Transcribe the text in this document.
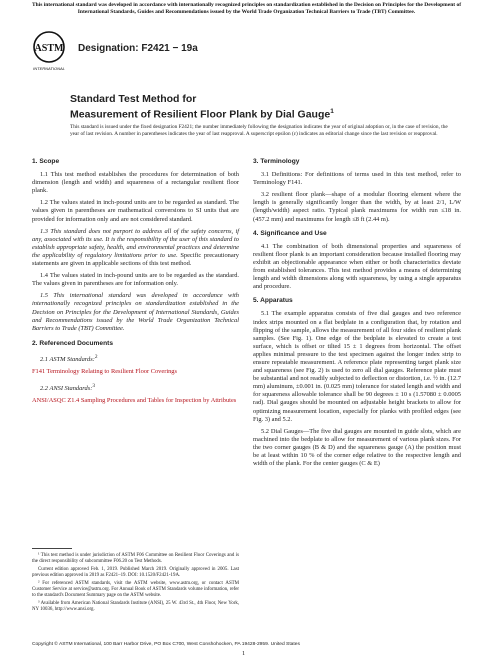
This international standard was developed in accordance with internationally recognized principles on standardization established in the Decision on Principles for the Development of International Standards, Guides and Recommendations issued by the World Trade Organization Technical Barriers to Trade (TBT) Committee.
ASTM
INTERNATIONAL
Designation: F2421 − 19a
Standard Test Method for
Measurement of Resilient Floor Plank by Dial Gauge$^1$
This standard is issued under the fixed designation F2421; the number immediately following the designation indicates the year of original adoption or, in the case of revision, the year of last revision. A number in parentheses indicates the year of last reapproval. A superscript epsilon (ε) indicates an editorial change since the last revision or reapproval.
1. Scope

1.1 This test method establishes the procedures for determination of both dimension (length and width) and squareness of a rectangular resilient floor plank.

1.2 The values stated in inch-pound units are to be regarded as standard. The values given in parentheses are mathematical conversions to SI units that are provided for information only and are not considered standard.

1.3 This standard does not purport to address all of the safety concerns, if any, associated with its use. It is the responsibility of the user of this standard to establish appropriate safety, health, and environmental practices and determine the applicability of regulatory limitations prior to use. Specific precautionary statements are given in applicable sections of this test method.

1.4 The values stated in inch-pound units are to be regarded as the standard. The values given in parentheses are for information only.

1.5 This international standard was developed in accordance with internationally recognized principles on standardization established in the Decision on Principles for the Development of International Standards, Guides and Recommendations issued by the World Trade Organization Technical Barriers to Trade (TBT) Committee.

2. Referenced Documents

2.1 ASTM Standards:$^2$

F141 Terminology Relating to Resilient Floor Coverings

2.2 ANSI Standards:$^3$

ANSI/ASQC Z1.4 Sampling Procedures and Tables for Inspection by Attributes

¹ This test method is under jurisdiction of ASTM F06 Committee on Resilient Floor Coverings and is the direct responsibility of subcommittee F06.20 on Test Methods.

Current edition approved Feb. 1, 2019. Published March 2019. Originally approved in 2005. Last previous edition approved in 2019 as F2421–19. DOI: 10.1520/F2421-19A.

² For referenced ASTM standards, visit the ASTM website, www.astm.org, or contact ASTM Customer Service at service@astm.org. For Annual Book of ASTM Standards volume information, refer to the standard's Document Summary page on the ASTM website.

³ Available from American National Standards Institute (ANSI), 25 W. 43rd St., 4th Floor, New York, NY 10036, http://www.ansi.org.

3. Terminology

3.1 Definitions: For definitions of terms used in this test method, refer to Terminology F141.

3.2 resilient floor plank—shape of a modular flooring element where the length is generally significantly longer than the width, by at least 2/1, L/W (length/width) aspect ratio. Typical plank maximums for width run ≤18 in. (457.2 mm) and maximums for length ≤8 ft (2.44 m).

4. Significance and Use

4.1 The combination of both dimensional properties and squareness of resilient floor plank is an important consideration because installed flooring may exhibit an objectionable appearance when either or both characteristics deviate from established tolerances. This test method provides a means of determining length and width dimensions along with squareness, by using a single apparatus and procedure.

5. Apparatus

5.1 The example apparatus consists of five dial gauges and two reference index strips mounted on a flat bedplate in a configuration that, by rotation and flipping of the sample, allows the measurement of all four sides of resilient plank samples. (See Fig. 1). One edge of the bedplate is elevated to create a test surface, which is offset or tilted 15 ± 1 degrees from horizontal. The offset applies minimal pressure to the test specimen against the longer index strip to ensure repeatable measurement. A reference plate representing target plank size and squareness (see Fig. 2) is used to zero all dial gauges. Reference plate must be substantial and not readily subjected to deflection or distortion, i.e. ½ in. (12.7 mm) aluminum, ±0.001 in. (0.025 mm) tolerance for stated length and width and for squareness allowable tolerance shall be 90 degrees ± 10 s (1.57080 ± 0.0005 rad). Dial gauges should be mounted on adjustable height brackets to allow for optimizing measurement location, especially for planks with profiled edges (see Fig. 3) and 5.2.

5.2 Dial Gauges—The five dial gauges are mounted in guide slots, which are machined into the bedplate to allow for measurement of various plank sizes. For the two corner gauges (B & D) and the squareness gauge (A) the position must be at least within 10 % of the corner edge relative to the respective length and width of the plank. For the center gauges (C & E)

Copyright © ASTM International, 100 Barr Harbor Drive, PO Box C700, West Conshohocken, PA 19428-2959. United States
1
